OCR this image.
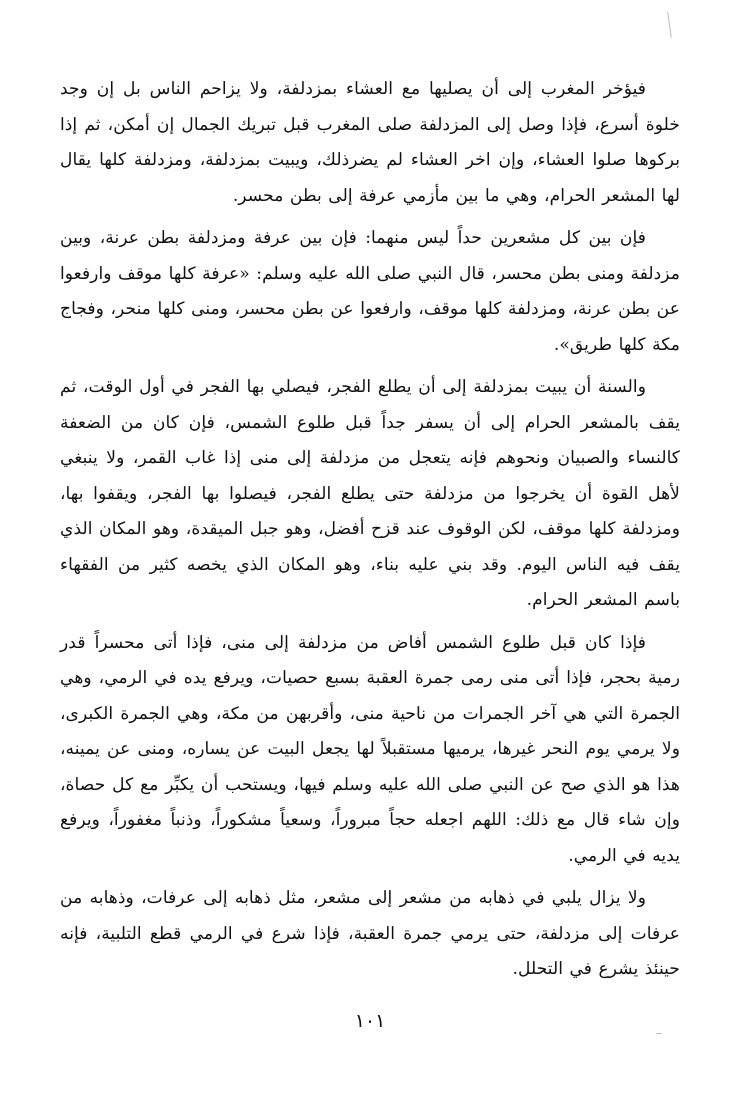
فيؤخر المغرب إلى أن يصليها مع العشاء بمزدلفة، ولا يزاحم الناس بل إن وجد خلوة أسرع، فإذا وصل إلى المزدلفة صلى المغرب قبل تبريك الجمال إن أمكن، ثم إذا بركوها صلوا العشاء، وإن اخر العشاء لم يضرذلك، ويبيت بمزدلفة، ومزدلفة كلها يقال لها المشعر الحرام، وهي ما بين مأزمي عرفة إلى بطن محسر.

فإن بين كل مشعرين حداً ليس منهما: فإن بين عرفة ومزدلفة بطن عرنة، وبين مزدلفة ومنى بطن محسر، قال النبي صلى الله عليه وسلم: «عرفة كلها موقف وارفعوا عن بطن عرنة، ومزدلفة كلها موقف، وارفعوا عن بطن محسر، ومنى كلها منحر، وفجاج مكة كلها طريق».

والسنة أن يبيت بمزدلفة إلى أن يطلع الفجر، فيصلي بها الفجر في أول الوقت، ثم يقف بالمشعر الحرام إلى أن يسفر جداً قبل طلوع الشمس، فإن كان من الضعفة كالنساء والصبيان ونحوهم فإنه يتعجل من مزدلفة إلى منى إذا غاب القمر، ولا ينبغي لأهل القوة أن يخرجوا من مزدلفة حتى يطلع الفجر، فيصلوا بها الفجر، ويقفوا بها، ومزدلفة كلها موقف، لكن الوقوف عند قزح أفضل، وهو جبل الميقدة، وهو المكان الذي يقف فيه الناس اليوم. وقد بني عليه بناء، وهو المكان الذي يخصه كثير من الفقهاء باسم المشعر الحرام.

فإذا كان قبل طلوع الشمس أفاض من مزدلفة إلى منى، فإذا أتى محسراً قدر رمية بحجر، فإذا أتى منى رمى جمرة العقبة بسبع حصيات، ويرفع يده في الرمي، وهي الجمرة التي هي آخر الجمرات من ناحية منى، وأقربهن من مكة، وهي الجمرة الكبرى، ولا يرمي يوم النحر غيرها، يرميها مستقبلاً لها يجعل البيت عن يساره، ومنى عن يمينه، هذا هو الذي صح عن النبي صلى الله عليه وسلم فيها، ويستحب أن يكبِّر مع كل حصاة، وإن شاء قال مع ذلك: اللهم اجعله حجاً مبروراً، وسعياً مشكوراً، وذنباً مغفوراً، ويرفع يديه في الرمي.

ولا يزال يلبي في ذهابه من مشعر إلى مشعر، مثل ذهابه إلى عرفات، وذهابه من عرفات إلى مزدلفة، حتى يرمي جمرة العقبة، فإذا شرع في الرمي قطع التلبية، فإنه حينئذ يشرع في التحلل.

١٠١
